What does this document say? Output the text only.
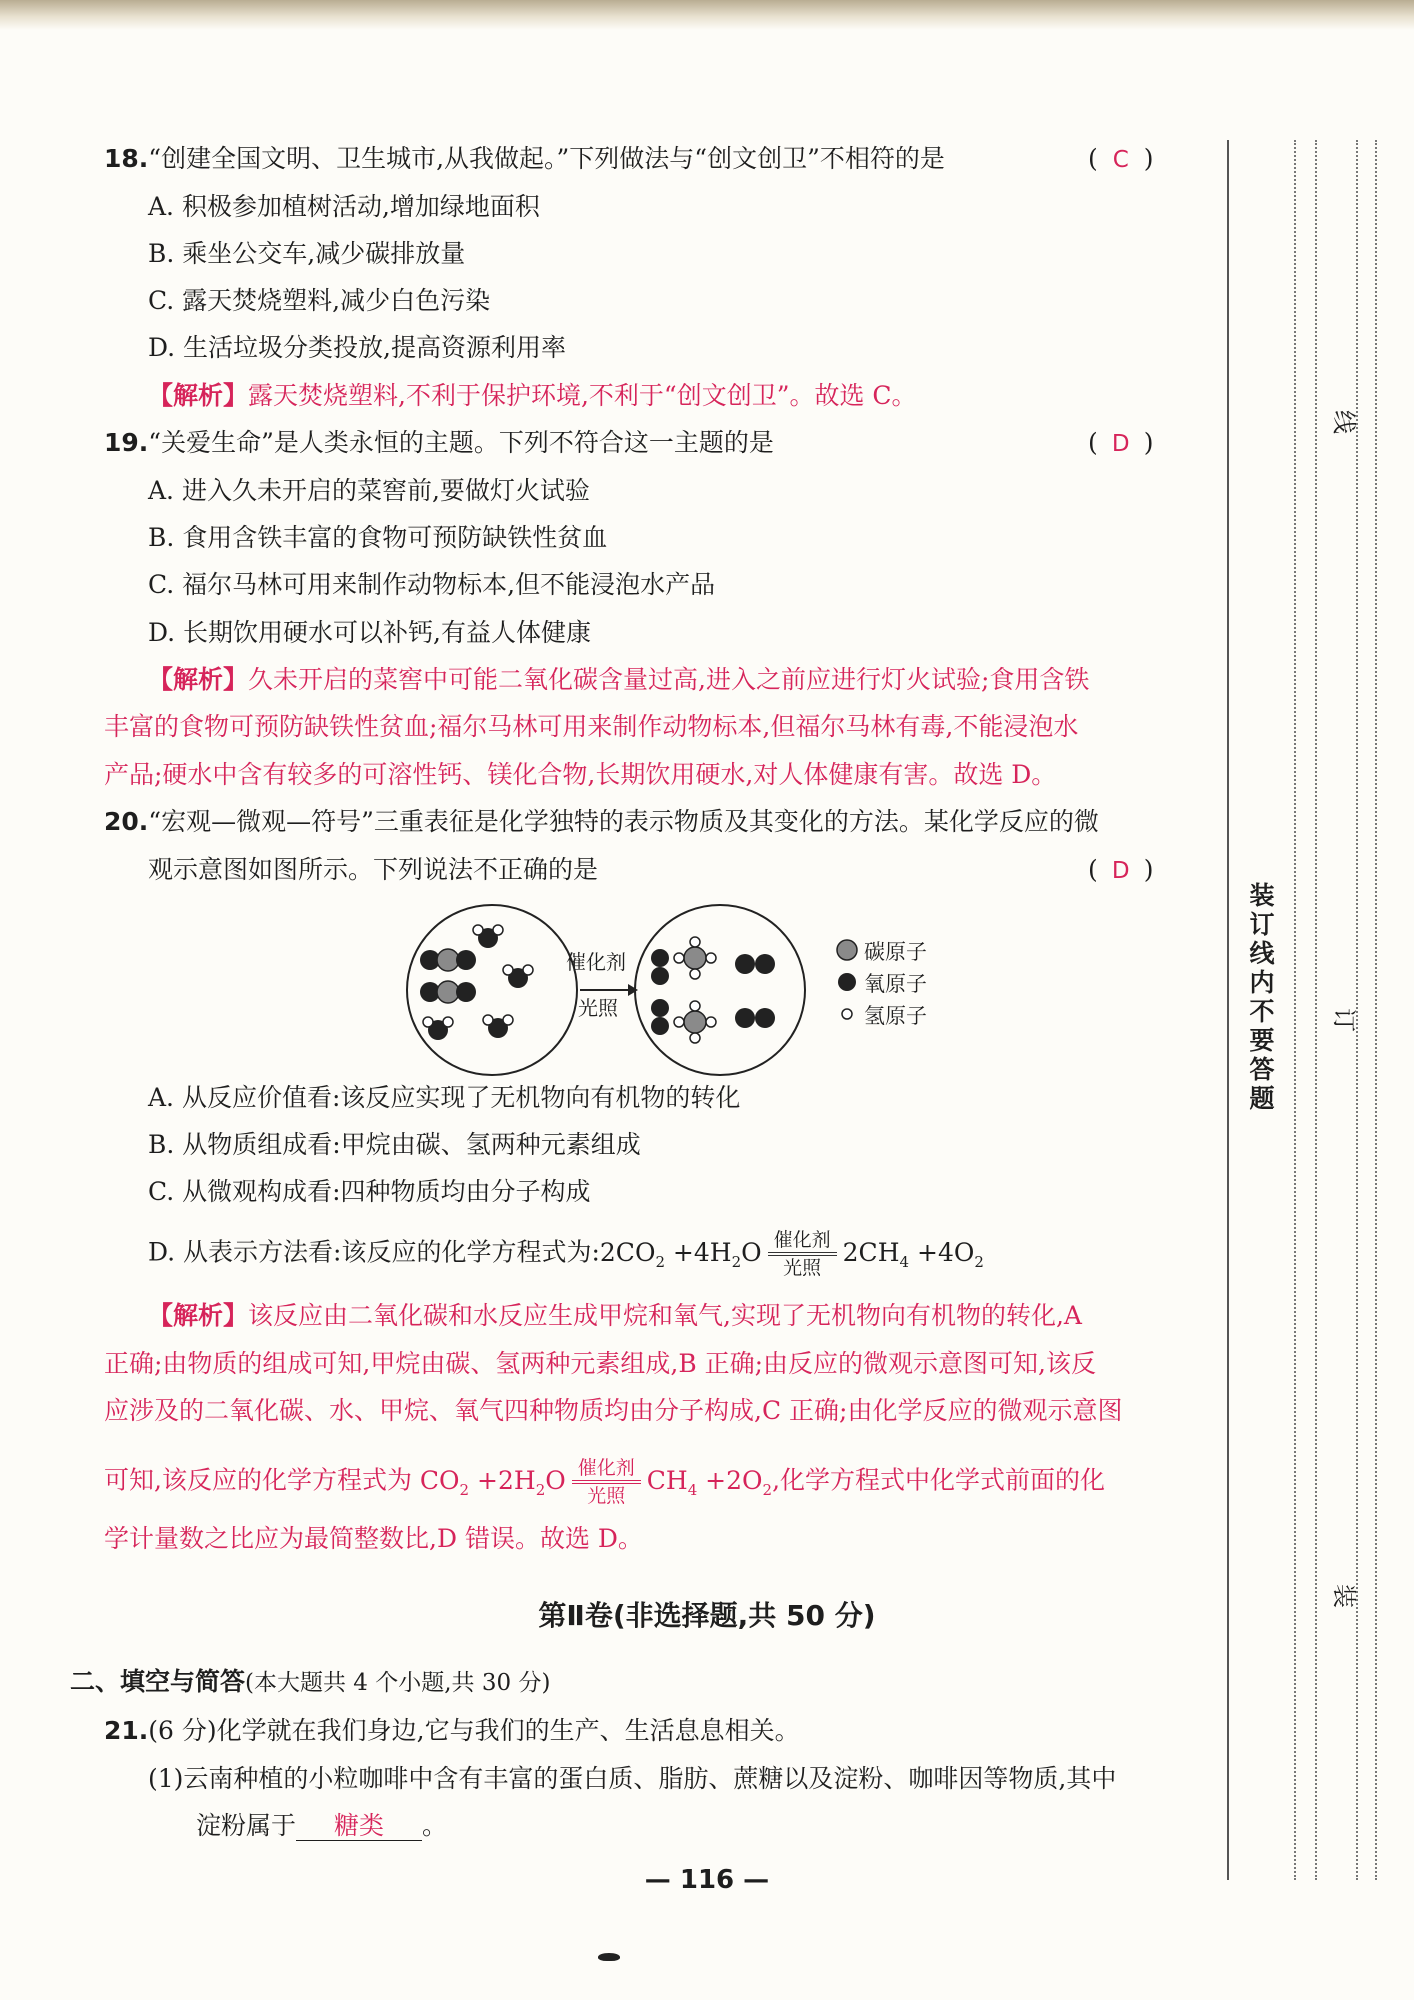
18.“创建全国文明、卫生城市,从我做起。”下列做法与“创文创卫”不相符的是	( C )
A. 积极参加植树活动,增加绿地面积
B. 乘坐公交车,减少碳排放量
C. 露天焚烧塑料,减少白色污染
D. 生活垃圾分类投放,提高资源利用率
【解析】露天焚烧塑料,不利于保护环境,不利于“创文创卫”。故选 C。
19.“关爱生命”是人类永恒的主题。下列不符合这一主题的是	( D )
A. 进入久未开启的菜窖前,要做灯火试验
B. 食用含铁丰富的食物可预防缺铁性贫血
C. 福尔马林可用来制作动物标本,但不能浸泡水产品
D. 长期饮用硬水可以补钙,有益人体健康
【解析】久未开启的菜窖中可能二氧化碳含量过高,进入之前应进行灯火试验;食用含铁
丰富的食物可预防缺铁性贫血;福尔马林可用来制作动物标本,但福尔马林有毒,不能浸泡水
产品;硬水中含有较多的可溶性钙、镁化合物,长期饮用硬水,对人体健康有害。故选 D。
20.“宏观—微观—符号”三重表征是化学独特的表示物质及其变化的方法。某化学反应的微
观示意图如图所示。下列说法不正确的是	( D )
催化剂
光照
碳原子
氧原子
氢原子
A. 从反应价值看:该反应实现了无机物向有机物的转化
B. 从物质组成看:甲烷由碳、氢两种元素组成
C. 从微观构成看:四种物质均由分子构成
D. 从表示方法看:该反应的化学方程式为$:2CO_2 +4H_2O \frac{\text{催化剂}}{\text{光照}} 2CH_4 +4O_2$
【解析】该反应由二氧化碳和水反应生成甲烷和氧气,实现了无机物向有机物的转化,A
正确;由物质的组成可知,甲烷由碳、氢两种元素组成,B 正确;由反应的微观示意图可知,该反
应涉及的二氧化碳、水、甲烷、氧气四种物质均由分子构成,C 正确;由化学反应的微观示意图
可知,该反应的化学方程式为 $CO_2 +2H_2O \frac{\text{催化剂}}{\text{光照}} CH_4 +2O_2$,化学方程式中化学式前面的化
学计量数之比应为最简整数比,D 错误。故选 D。
第Ⅱ卷(非选择题,共 50 分)
二、填空与简答(本大题共 4 个小题,共 30 分)
21.(6 分)化学就在我们身边,它与我们的生产、生活息息相关。
(1)云南种植的小粒咖啡中含有丰富的蛋白质、脂肪、蔗糖以及淀粉、咖啡因等物质,其中
淀粉属于 糖类 。
— 116 —
线
订
装
装订线内不要答题
